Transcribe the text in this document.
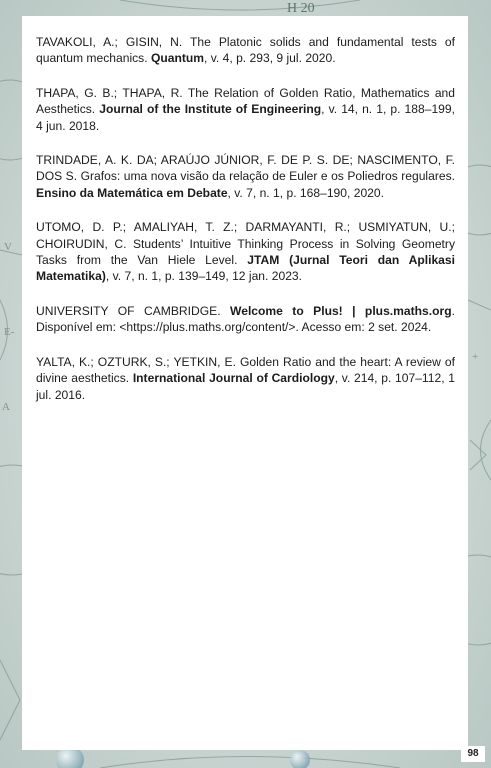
H 20
V
E-
+
A

TAVAKOLI, A.; GISIN, N. The Platonic solids and fundamental tests of quantum mechanics. Quantum, v. 4, p. 293, 9 jul. 2020.

THAPA, G. B.; THAPA, R. The Relation of Golden Ratio, Mathematics and Aesthetics. Journal of the Institute of Engineering, v. 14, n. 1, p. 188–199, 4 jun. 2018.

TRINDADE, A. K. DA; ARAÚJO JÚNIOR, F. DE P. S. DE; NASCIMENTO, F. DOS S. Grafos: uma nova visão da relação de Euler e os Poliedros regulares. Ensino da Matemática em Debate, v. 7, n. 1, p. 168–190, 2020.

UTOMO, D. P.; AMALIYAH, T. Z.; DARMAYANTI, R.; USMIYATUN, U.; CHOIRUDIN, C. Students’ Intuitive Thinking Process in Solving Geometry Tasks from the Van Hiele Level. JTAM (Jurnal Teori dan Aplikasi Matematika), v. 7, n. 1, p. 139–149, 12 jan. 2023.

UNIVERSITY OF CAMBRIDGE. Welcome to Plus! | plus.maths.org. Disponível em: <https://plus.maths.org/content/>. Acesso em: 2 set. 2024.

YALTA, K.; OZTURK, S.; YETKIN, E. Golden Ratio and the heart: A review of divine aesthetics. International Journal of Cardiology, v. 214, p. 107–112, 1 jul. 2016.

98
